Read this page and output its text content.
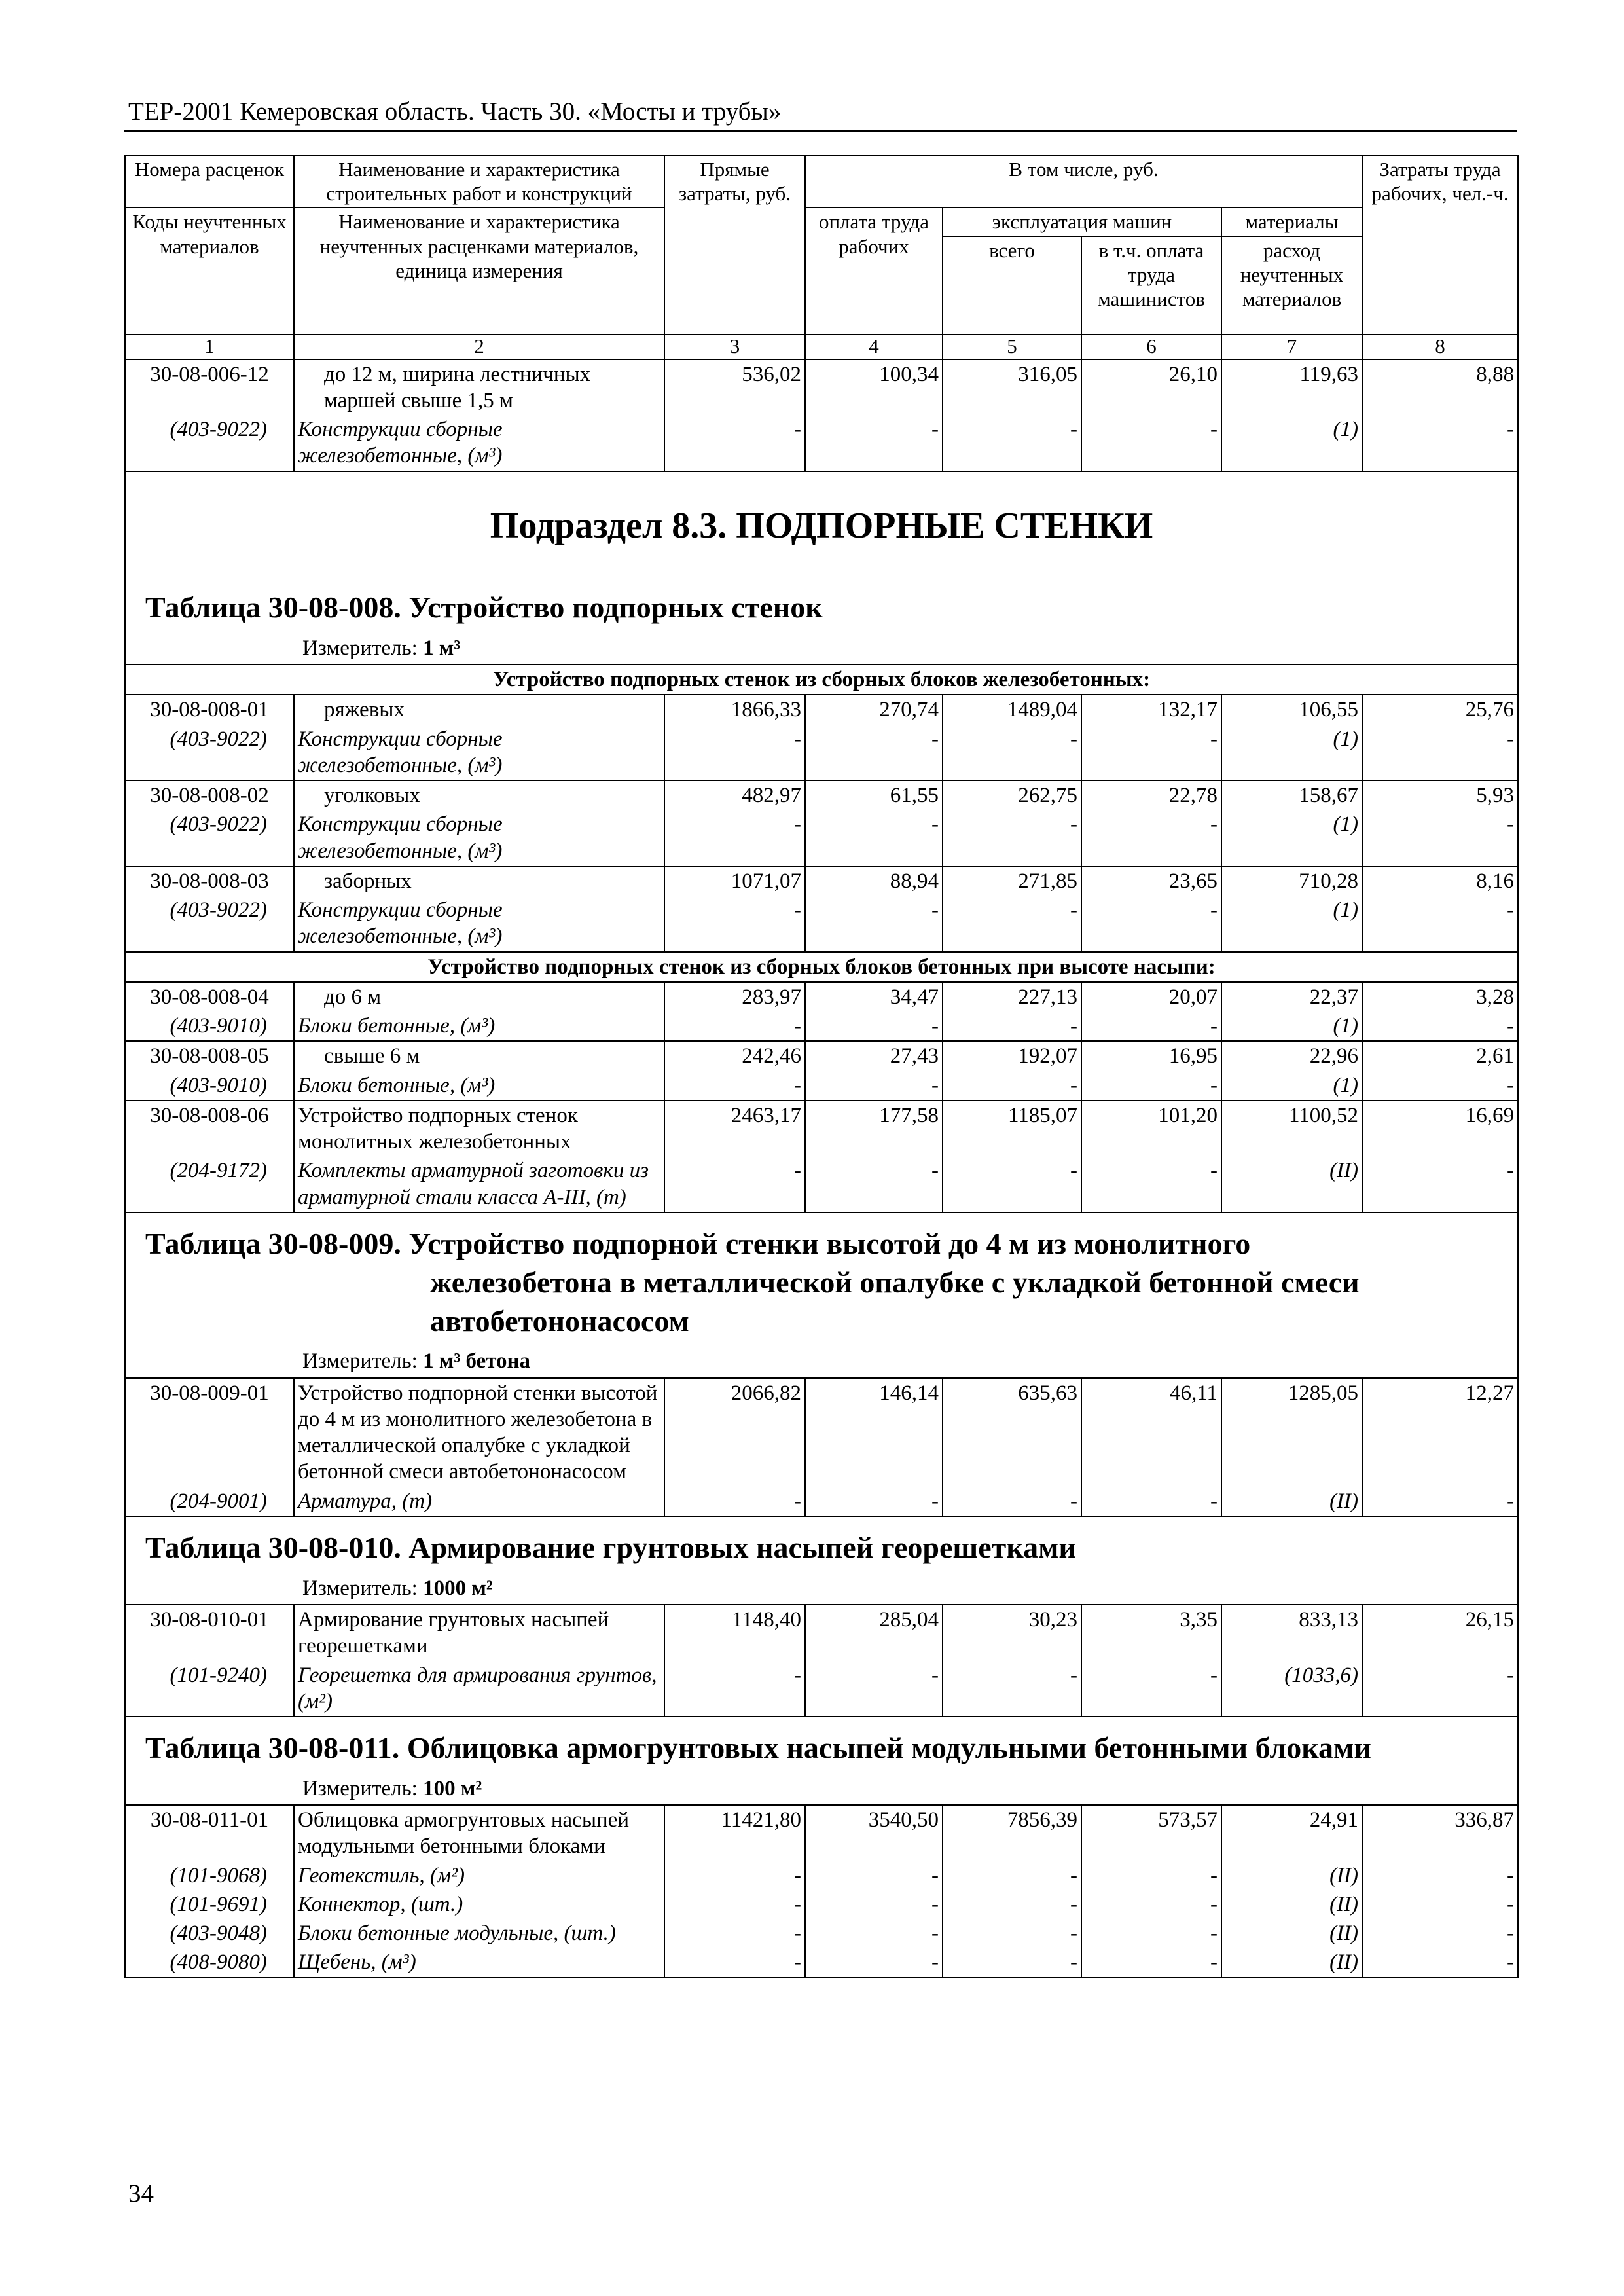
ТЕР-2001 Кемеровская область. Часть 30. «Мосты и трубы»
Номера расценок	Наименование и характеристика строительных работ и конструкций	Прямые затраты, руб.	В том числе, руб.				Затраты труда рабочих, чел.-ч.
Коды неучтенных материалов	Наименование и характеристика неучтенных расценками материалов, единица измерения		оплата труда рабочих	эксплуатация машин		материалы	
				всего	в т.ч. оплата труда машинистов	расход неучтенных материалов	
1	2	3	4	5	6	7	8
30-08-006-12	до 12 м, ширина лестничных маршей свыше 1,5 м	536,02	100,34	316,05	26,10	119,63	8,88
(403-9022)	Конструкции сборные железобетонные, (м³)	-	-	-	-	(1)	-

Подраздел 8.3. ПОДПОРНЫЕ СТЕНКИ
Таблица 30-08-008. Устройство подпорных стенок
Измеритель: 1 м³							

Устройство подпорных стенок из сборных блоков железобетонных:							
30-08-008-01	ряжевых	1866,33	270,74	1489,04	132,17	106,55	25,76
(403-9022)	Конструкции сборные железобетонные, (м³)	-	-	-	-	(1)	-
30-08-008-02	уголковых	482,97	61,55	262,75	22,78	158,67	5,93
(403-9022)	Конструкции сборные железобетонные, (м³)	-	-	-	-	(1)	-
30-08-008-03	заборных	1071,07	88,94	271,85	23,65	710,28	8,16
(403-9022)	Конструкции сборные железобетонные, (м³)	-	-	-	-	(1)	-
Устройство подпорных стенок из сборных блоков бетонных при высоте насыпи:							
30-08-008-04	до 6 м	283,97	34,47	227,13	20,07	22,37	3,28
(403-9010)	Блоки бетонные, (м³)	-	-	-	-	(1)	-
30-08-008-05	свыше 6 м	242,46	27,43	192,07	16,95	22,96	2,61
(403-9010)	Блоки бетонные, (м³)	-	-	-	-	(1)	-
30-08-008-06	Устройство подпорных стенок монолитных железобетонных	2463,17	177,58	1185,07	101,20	1100,52	16,69
(204-9172)	Комплекты арматурной заготовки из арматурной стали класса А-III, (т)	-	-	-	-	(II)	-

Таблица 30-08-009. Устройство подпорной стенки высотой до 4 м из монолитного
железобетона в металлической опалубке с укладкой бетонной смеси автобетононасосом
Измеритель: 1 м³ бетона							

30-08-009-01	Устройство подпорной стенки высотой до 4 м из монолитного железобетона в металлической опалубке с укладкой бетонной смеси автобетононасосом	2066,82	146,14	635,63	46,11	1285,05	12,27
(204-9001)	Арматура, (т)	-	-	-	-	(II)	-

Таблица 30-08-010. Армирование грунтовых насыпей георешетками
Измеритель: 1000 м²							

30-08-010-01	Армирование грунтовых насыпей георешетками	1148,40	285,04	30,23	3,35	833,13	26,15
(101-9240)	Георешетка для армирования грунтов, (м²)	-	-	-	-	(1033,6)	-

Таблица 30-08-011. Облицовка армогрунтовых насыпей модульными бетонными блоками
Измеритель: 100 м²							

30-08-011-01	Облицовка армогрунтовых насыпей модульными бетонными блоками	11421,80	3540,50	7856,39	573,57	24,91	336,87
(101-9068)	Геотекстиль, (м²)	-	-	-	-	(II)	-
(101-9691)	Коннектор, (шт.)	-	-	-	-	(II)	-
(403-9048)	Блоки бетонные модульные, (шт.)	-	-	-	-	(II)	-
(408-9080)	Щебень, (м³)	-	-	-	-	(II)	-
34
